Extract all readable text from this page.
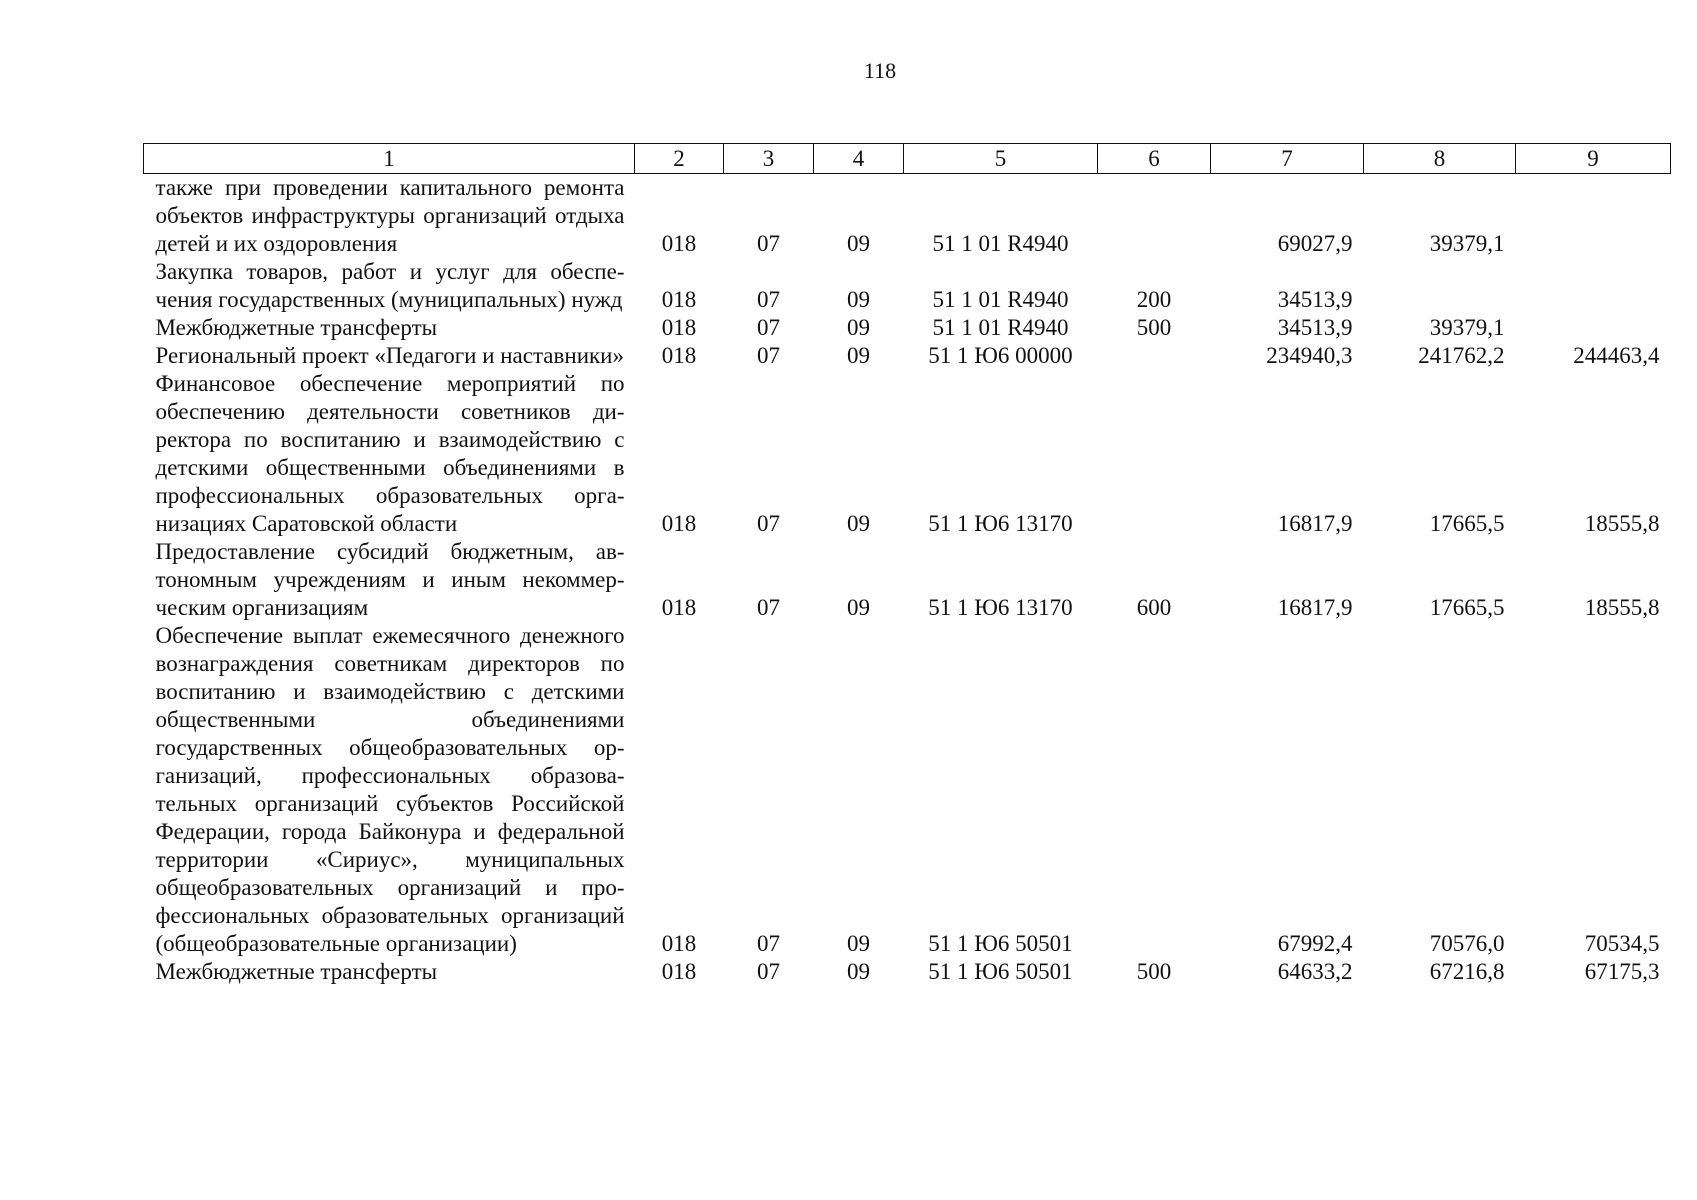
118
1	2	3	4	5	6	7	8	9
также при проведении капитального ремонта объектов инфраструктуры организаций отдыха детей и их оздоровления	018	07	09	51 1 01 R4940		69027,9	39379,1	
Закупка товаров, работ и услуг для обеспечения государственных (муниципальных) нужд	018	07	09	51 1 01 R4940	200	34513,9		
Межбюджетные трансферты	018	07	09	51 1 01 R4940	500	34513,9	39379,1	
Региональный проект «Педагоги и наставники»	018	07	09	51 1 Ю6 00000		234940,3	241762,2	244463,4
Финансовое обеспечение мероприятий по обеспечению деятельности советников директора по воспитанию и взаимодействию с детскими общественными объединениями в профессиональных образовательных организациях Саратовской области	018	07	09	51 1 Ю6 13170		16817,9	17665,5	18555,8
Предоставление субсидий бюджетным, автономным учреждениям и иным некоммерческим организациям	018	07	09	51 1 Ю6 13170	600	16817,9	17665,5	18555,8
Обеспечение выплат ежемесячного денежного вознаграждения советникам директоров по воспитанию и взаимодействию с детскими общественными объединениями государственных общеобразовательных организаций, профессиональных образовательных организаций субъектов Российской Федерации, города Байконура и федеральной территории «Сириус», муниципальных общеобразовательных организаций и профессиональных образовательных организаций (общеобразовательные организации)	018	07	09	51 1 Ю6 50501		67992,4	70576,0	70534,5
Межбюджетные трансферты	018	07	09	51 1 Ю6 50501	500	64633,2	67216,8	67175,3
